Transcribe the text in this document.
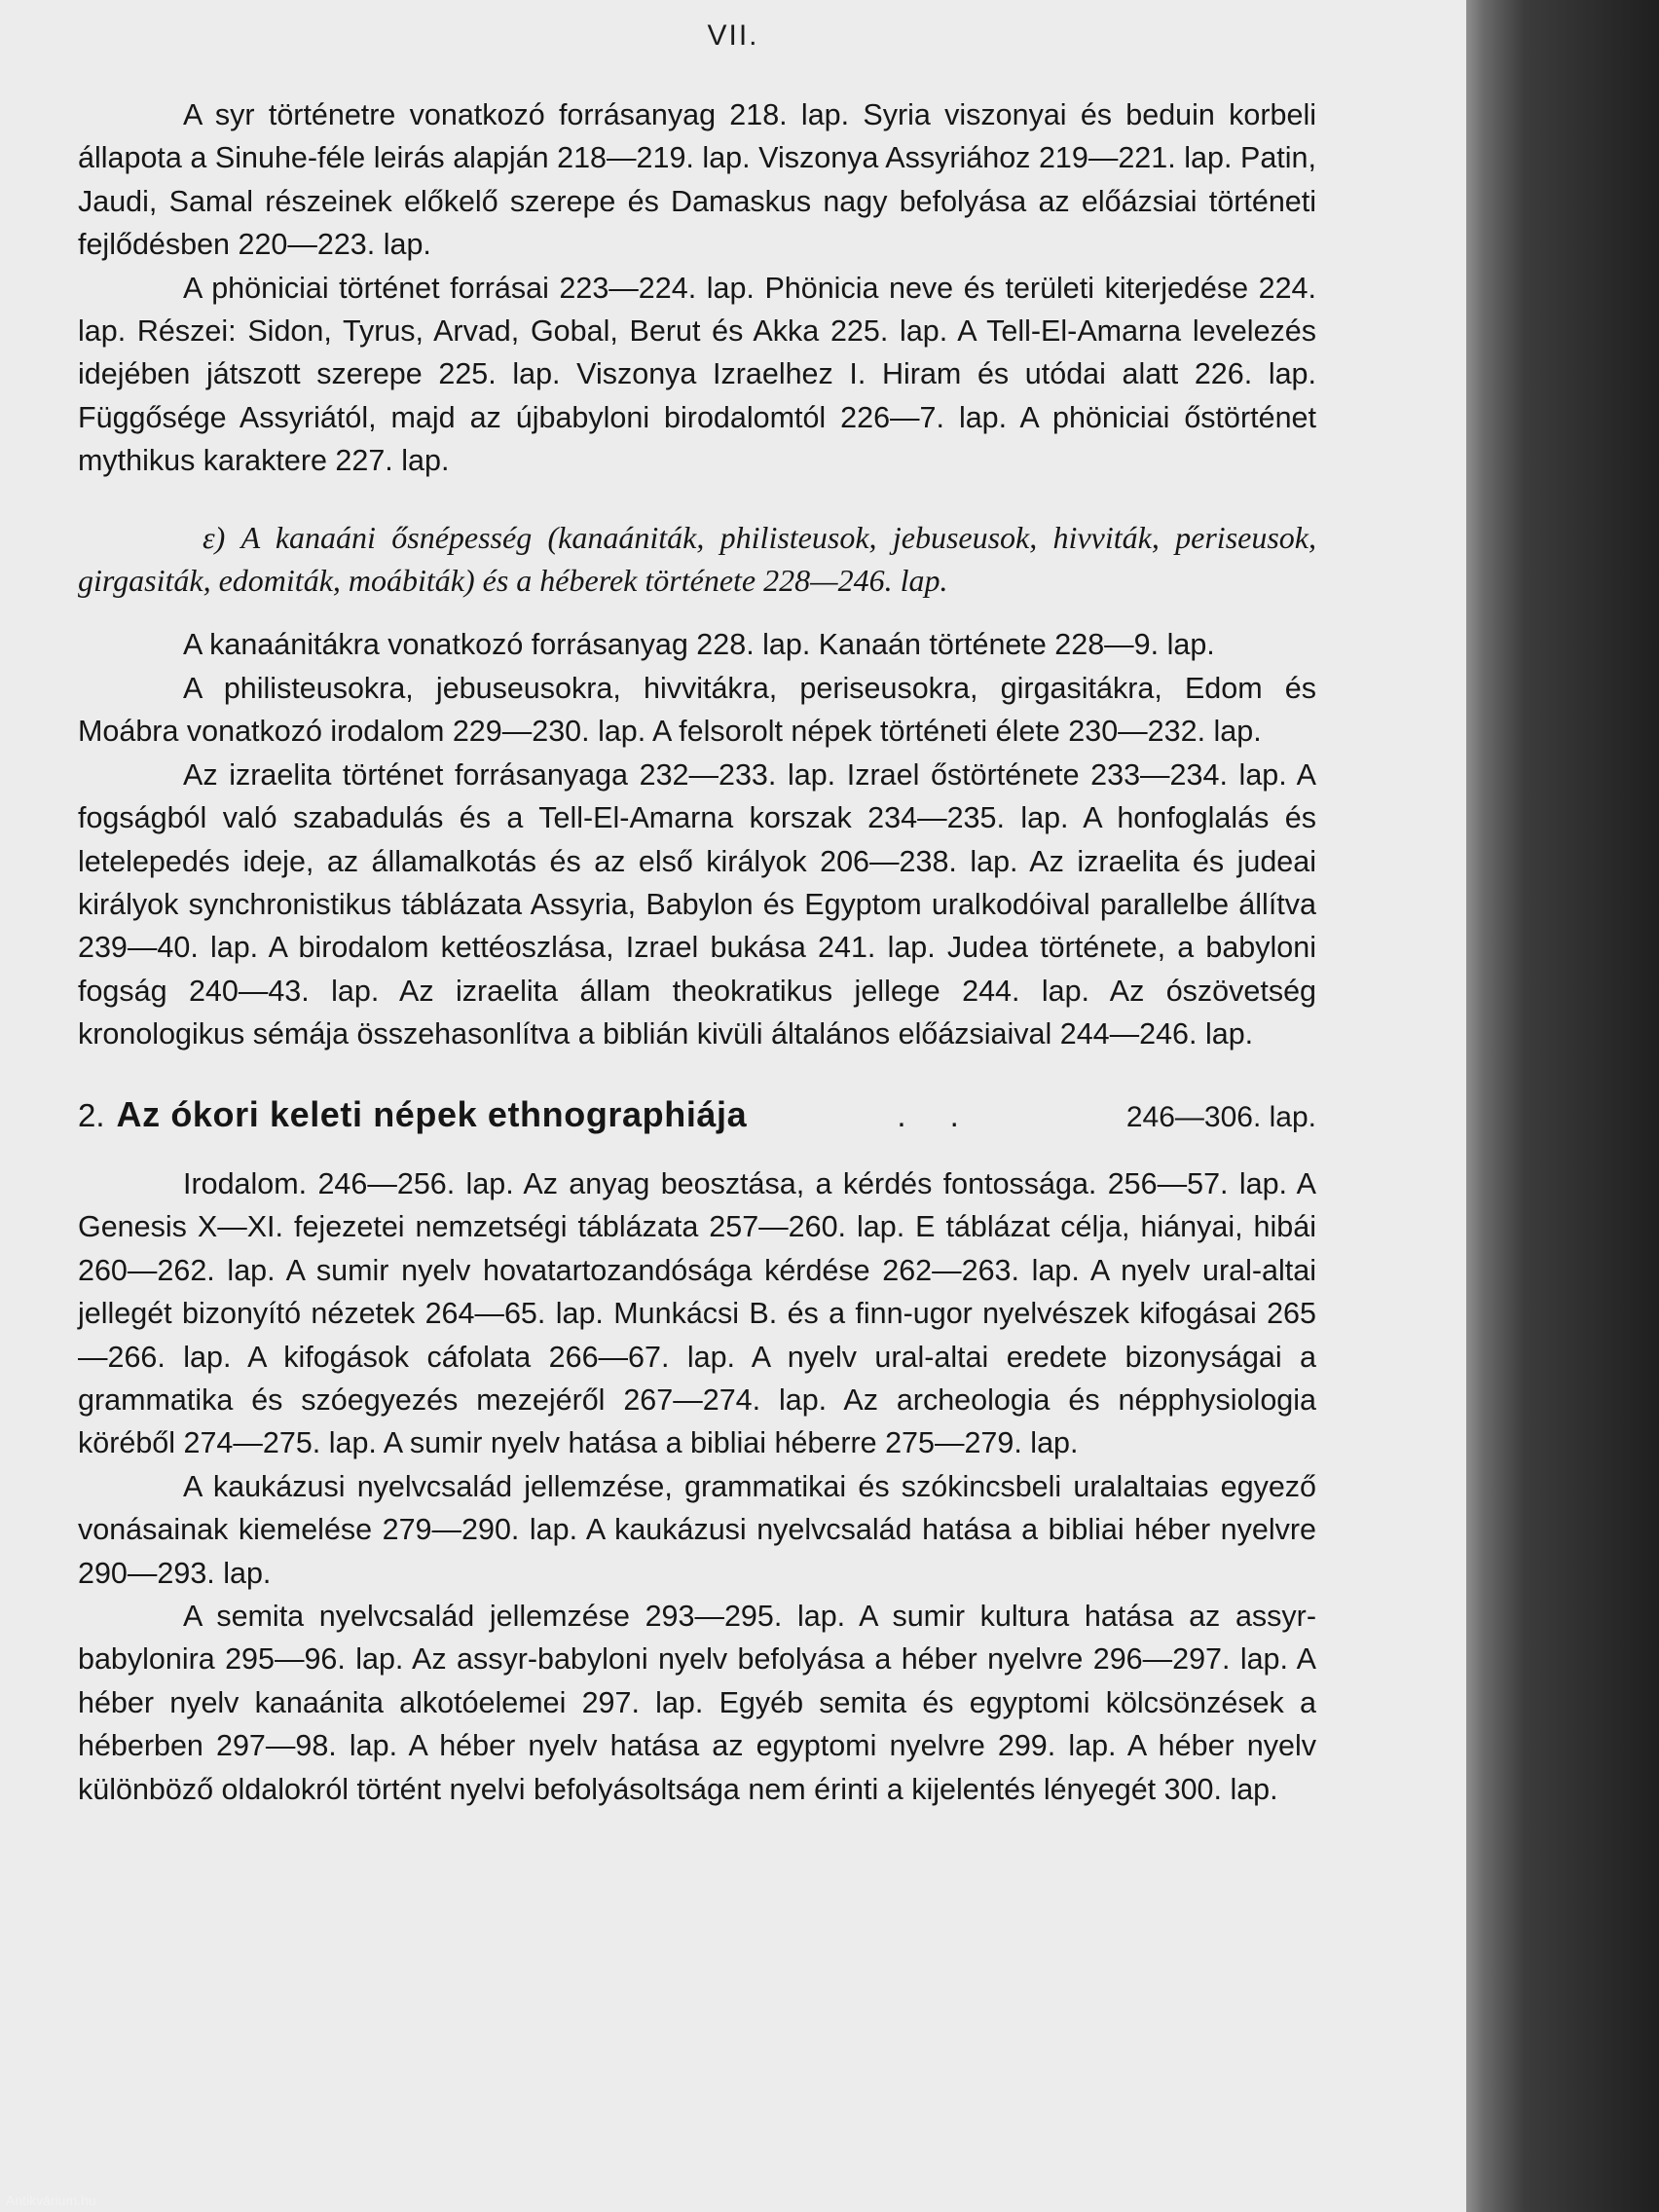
VII.

A syr történetre vonatkozó forrásanyag 218. lap. Syria viszonyai és beduin korbeli állapota a Sinuhe-féle leirás alapján 218—219. lap. Viszonya Assyriához 219—221. lap. Patin, Jaudi, Samal részeinek előkelő szerepe és Damaskus nagy befolyása az előázsiai történeti fejlődésben 220—223. lap.

A phöniciai történet forrásai 223—224. lap. Phönicia neve és területi kiterjedése 224. lap. Részei: Sidon, Tyrus, Arvad, Gobal, Berut és Akka 225. lap. A Tell-El-Amarna levelezés idejében játszott szerepe 225. lap. Viszonya Izraelhez I. Hiram és utódai alatt 226. lap. Függősége Assyriától, majd az újbabyloni birodalomtól 226—7. lap. A phöniciai őstörténet mythikus karaktere 227. lap.

ε) A kanaáni ősnépesség (kanaániták, philisteusok, jebuseusok, hivviták, periseusok, girgasiták, edomiták, moábiták) és a héberek története 228—246. lap.

A kanaánitákra vonatkozó forrásanyag 228. lap. Kanaán története 228—9. lap.

A philisteusokra, jebuseusokra, hivvitákra, periseusokra, girgasitákra, Edom és Moábra vonatkozó irodalom 229—230. lap. A felsorolt népek történeti élete 230—232. lap.

Az izraelita történet forrásanyaga 232—233. lap. Izrael őstörténete 233—234. lap. A fogságból való szabadulás és a Tell-El-Amarna korszak 234—235. lap. A honfoglalás és letelepedés ideje, az államalkotás és az első királyok 206—238. lap. Az izraelita és judeai királyok synchronistikus táblázata Assyria, Babylon és Egyptom uralkodóival parallelbe állítva 239—40. lap. A birodalom kettéoszlása, Izrael bukása 241. lap. Judea története, a babyloni fogság 240—43. lap. Az izraelita állam theokratikus jellege 244. lap. Az ószövetség kronologikus sémája összehasonlítva a biblián kivüli általános előázsiaival 244—246. lap.

2. Az ókori keleti népek ethnographiája	. .	246—306. lap.

Irodalom. 246—256. lap. Az anyag beosztása, a kérdés fontossága. 256—57. lap. A Genesis X—XI. fejezetei nemzetségi táblázata 257—260. lap. E táblázat célja, hiányai, hibái 260—262. lap. A sumir nyelv hovatartozandósága kérdése 262—263. lap. A nyelv ural-altai jellegét bizonyító nézetek 264—65. lap. Munkácsi B. és a finn-ugor nyelvészek kifogásai 265—266. lap. A kifogások cáfolata 266—67. lap. A nyelv ural-altai eredete bizonyságai a grammatika és szóegyezés mezejéről 267—274. lap. Az archeologia és népphysiologia köréből 274—275. lap. A sumir nyelv hatása a bibliai héberre 275—279. lap.

A kaukázusi nyelvcsalád jellemzése, grammatikai és szókincsbeli uralaltaias egyező vonásainak kiemelése 279—290. lap. A kaukázusi nyelvcsalád hatása a bibliai héber nyelvre 290—293. lap.

A semita nyelvcsalád jellemzése 293—295. lap. A sumir kultura hatása az assyr-babylonira 295—96. lap. Az assyr-babyloni nyelv befolyása a héber nyelvre 296—297. lap. A héber nyelv kanaánita alkotóelemei 297. lap. Egyéb semita és egyptomi kölcsönzések a héberben 297—98. lap. A héber nyelv hatása az egyptomi nyelvre 299. lap. A héber nyelv különböző oldalokról történt nyelvi befolyásoltsága nem érinti a kijelentés lényegét 300. lap.

Antikvárium.hu
